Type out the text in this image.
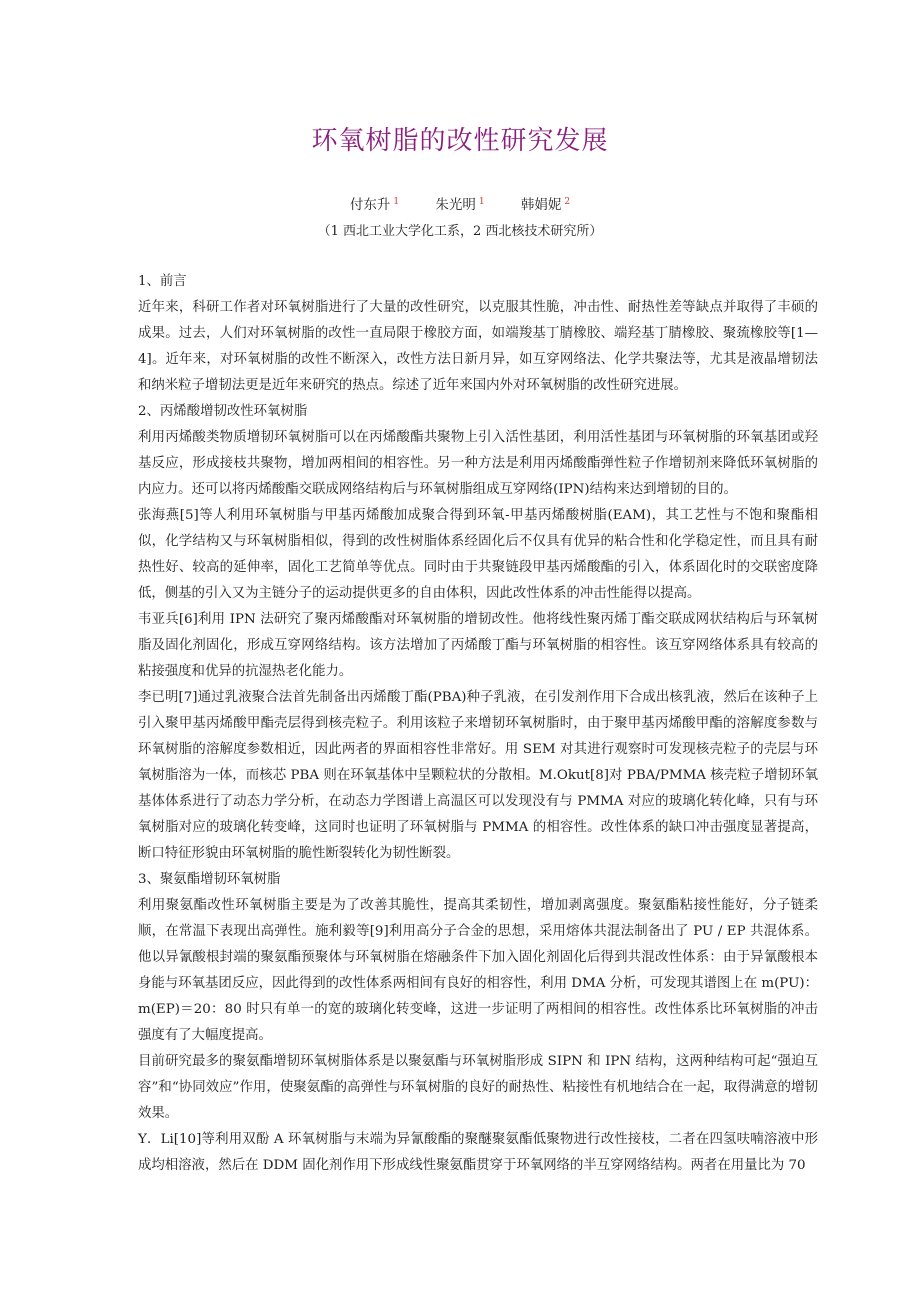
环氧树脂的改性研究发展
付东升 $^1$	朱光明 $^1$	韩娟妮 $^2$
（1 西北工业大学化工系，2 西北核技术研究所）

1、前言

近年来，科研工作者对环氧树脂进行了大量的改性研究，以克服其性脆，冲击性、耐热性差等缺点并取得了丰硕的成果。过去，人们对环氧树脂的改性一直局限于橡胶方面，如端羧基丁腈橡胶、端羟基丁腈橡胶、聚巯橡胶等[1—4]。近年来，对环氧树脂的改性不断深入，改性方法日新月异，如互穿网络法、化学共聚法等，尤其是液晶增韧法和纳米粒子增韧法更是近年来研究的热点。综述了近年来国内外对环氧树脂的改性研究进展。

2、丙烯酸增韧改性环氧树脂

利用丙烯酸类物质增韧环氧树脂可以在丙烯酸酯共聚物上引入活性基团，利用活性基团与环氧树脂的环氧基团或羟基反应，形成接枝共聚物，增加两相间的相容性。另一种方法是利用丙烯酸酯弹性粒子作增韧剂来降低环氧树脂的内应力。还可以将丙烯酸酯交联成网络结构后与环氧树脂组成互穿网络(IPN)结构来达到增韧的目的。

张海燕[5]等人利用环氧树脂与甲基丙烯酸加成聚合得到环氧-甲基丙烯酸树脂(EAM)，其工艺性与不饱和聚酯相似，化学结构又与环氧树脂相似，得到的改性树脂体系经固化后不仅具有优异的粘合性和化学稳定性，而且具有耐热性好、较高的延伸率，固化工艺简单等优点。同时由于共聚链段甲基丙烯酸酯的引入，体系固化时的交联密度降低，侧基的引入又为主链分子的运动提供更多的自由体积，因此改性体系的冲击性能得以提高。

韦亚兵[6]利用 IPN 法研究了聚丙烯酸酯对环氧树脂的增韧改性。他将线性聚丙烯丁酯交联成网状结构后与环氧树脂及固化剂固化，形成互穿网络结构。该方法增加了丙烯酸丁酯与环氧树脂的相容性。该互穿网络体系具有较高的粘接强度和优异的抗湿热老化能力。

李已明[7]通过乳液聚合法首先制备出丙烯酸丁酯(PBA)种子乳液，在引发剂作用下合成出核乳液，然后在该种子上引入聚甲基丙烯酸甲酯壳层得到核壳粒子。利用该粒子来增韧环氧树脂时，由于聚甲基丙烯酸甲酯的溶解度参数与环氧树脂的溶解度参数相近，因此两者的界面相容性非常好。用 SEM 对其进行观察时可发现核壳粒子的壳层与环氧树脂溶为一体，而核芯 PBA 则在环氧基体中呈颗粒状的分散相。M.Okut[8]对 PBA/PMMA 核壳粒子增韧环氧基体体系进行了动态力学分析，在动态力学图谱上高温区可以发现没有与 PMMA 对应的玻璃化转化峰，只有与环氧树脂对应的玻璃化转变峰，这同时也证明了环氧树脂与 PMMA 的相容性。改性体系的缺口冲击强度显著提高，断口特征形貌由环氧树脂的脆性断裂转化为韧性断裂。

3、聚氨酯增韧环氧树脂

利用聚氨酯改性环氧树脂主要是为了改善其脆性，提高其柔韧性，增加剥离强度。聚氨酯粘接性能好，分子链柔顺，在常温下表现出高弹性。施利毅等[9]利用高分子合金的思想，采用熔体共混法制备出了 PU / EP 共混体系。他以异氰酸根封端的聚氨酯预聚体与环氧树脂在熔融条件下加入固化剂固化后得到共混改性体系：由于异氰酸根本身能与环氧基团反应，因此得到的改性体系两相间有良好的相容性，利用 DMA 分析，可发现其谱图上在 m(PU)：m(EP)＝20：80 时只有单一的宽的玻璃化转变峰，这进一步证明了两相间的相容性。改性体系比环氧树脂的冲击强度有了大幅度提高。

目前研究最多的聚氨酯增韧环氧树脂体系是以聚氨酯与环氧树脂形成 SIPN 和 IPN 结构，这两种结构可起“强迫互容”和“协同效应”作用，使聚氨酯的高弹性与环氧树脂的良好的耐热性、粘接性有机地结合在一起，取得满意的增韧效果。

Y．Li[10]等利用双酚 A 环氧树脂与末端为异氰酸酯的聚醚聚氨酯低聚物进行改性接枝，二者在四氢呋喃溶液中形成均相溶液，然后在 DDM 固化剂作用下形成线性聚氨酯贯穿于环氧网络的半互穿网络结构。两者在用量比为 70
